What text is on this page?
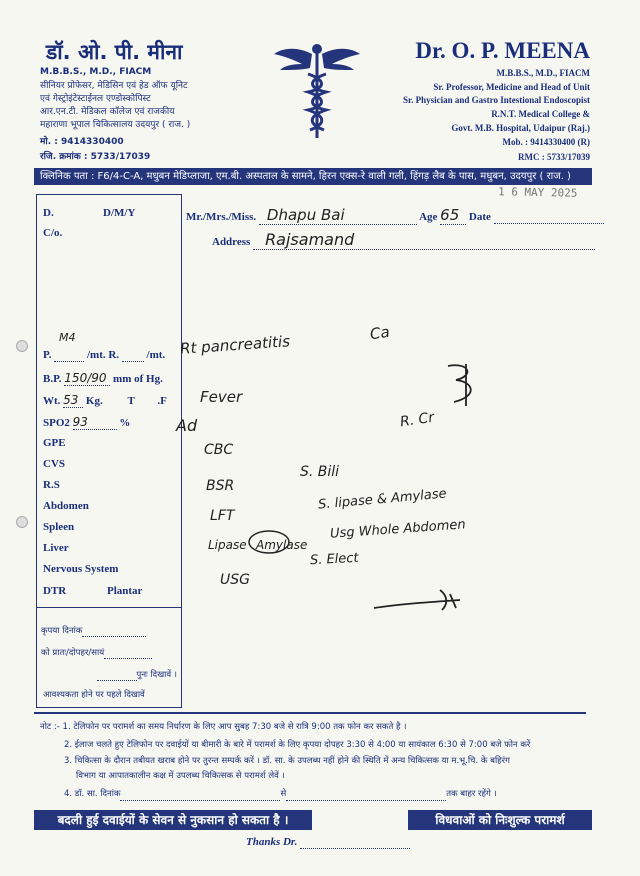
डॉ. ओ. पी. मीना
M.B.B.S., M.D., FIACM
सीनियर प्रोफेसर, मेडिसिन एवं हेड ऑफ यूनिट
एवं गेस्ट्रोइंटेस्टाईनल एण्डोस्कोपिस्ट
आर.एन.टी. मेडिकल कॉलेज एवं राजकीय
महाराणा भूपाल चिकित्सालय उदयपुर ( राज. )
मो. : 9414330400
रजि. क्रमांक : 5733/17039
Dr. O. P. MEENA
M.B.B.S., M.D., FIACM
Sr. Professor, Medicine and Head of Unit
Sr. Physician and Gastro Intestional Endoscopist
R.N.T. Medical College &
Govt. M.B. Hospital, Udaipur (Raj.)
Mob. : 9414330400 (R)
RMC : 5733/17039
क्लिनिक पता : F6/4-C-A, मधुबन मेडिप्लाजा, एम.बी. अस्पताल के सामने, हिरन एक्स-रे वाली गली, हिंगड़ लैब के पास, मधुबन, उदयपुर ( राज. )
1 6 MAY 2025
Mr./Mrs./Miss. Dhapu Bai	Age 65 Date
Address Rajsamand
D.	D/M/Y
C/o.
M4
P.	/mt. R.	/mt.
B.P. 150/90 mm of Hg.
Wt. 53 Kg. T .F
SPO2 93	%
GPE
CVS
R.S
Abdomen
Spleen
Liver
Nervous System
DTR	Plantar
कृपया दिनांक
को प्रातः/दोपहर/सायं
पुनः दिखावें ।
आवश्यकता होने पर पहले दिखावें
Rt pancreatitis	Ca
Fever
Ad
CBC
BSR
LFT
Lipase Amylase
USG
S. lipase & Amylase
S. Bili
Usg Whole Abdomen
S. Elect
R. Cr
नोट :- 1. टेलिफोन पर परामर्श का समय निर्धारण के लिए आप सुबह 7:30 बजे से रात्रि 9:00 तक फोन कर सकते है ।
2. ईलाज चलते हुए टेलिफोन पर दवाईयों या बीमारी के बारे में परामर्श के लिए कृपया दोपहर 3:30 से 4:00 या सायंकाल 6:30 से 7:00 बजे फोन करें
3. चिकित्सा के दौरान तबीयत खराब होने पर तुरन्त सम्पर्क करें । डॉ. सा. के उपलब्ध नहीं होने की स्थिति में अन्य चिकित्सक या म.भू.चि. के बहिरंग
विभाग या आपातकालीन कक्ष में उपलब्ध चिकित्सक से परामर्श लेवें ।
4. डॉ. सा. दिनांक	से	तक बाहर रहेंगे ।
बदली हुई दवाईयों के सेवन से नुकसान हो सकता है ।	विधवाओं को निःशुल्क परामर्श
Thanks Dr.
